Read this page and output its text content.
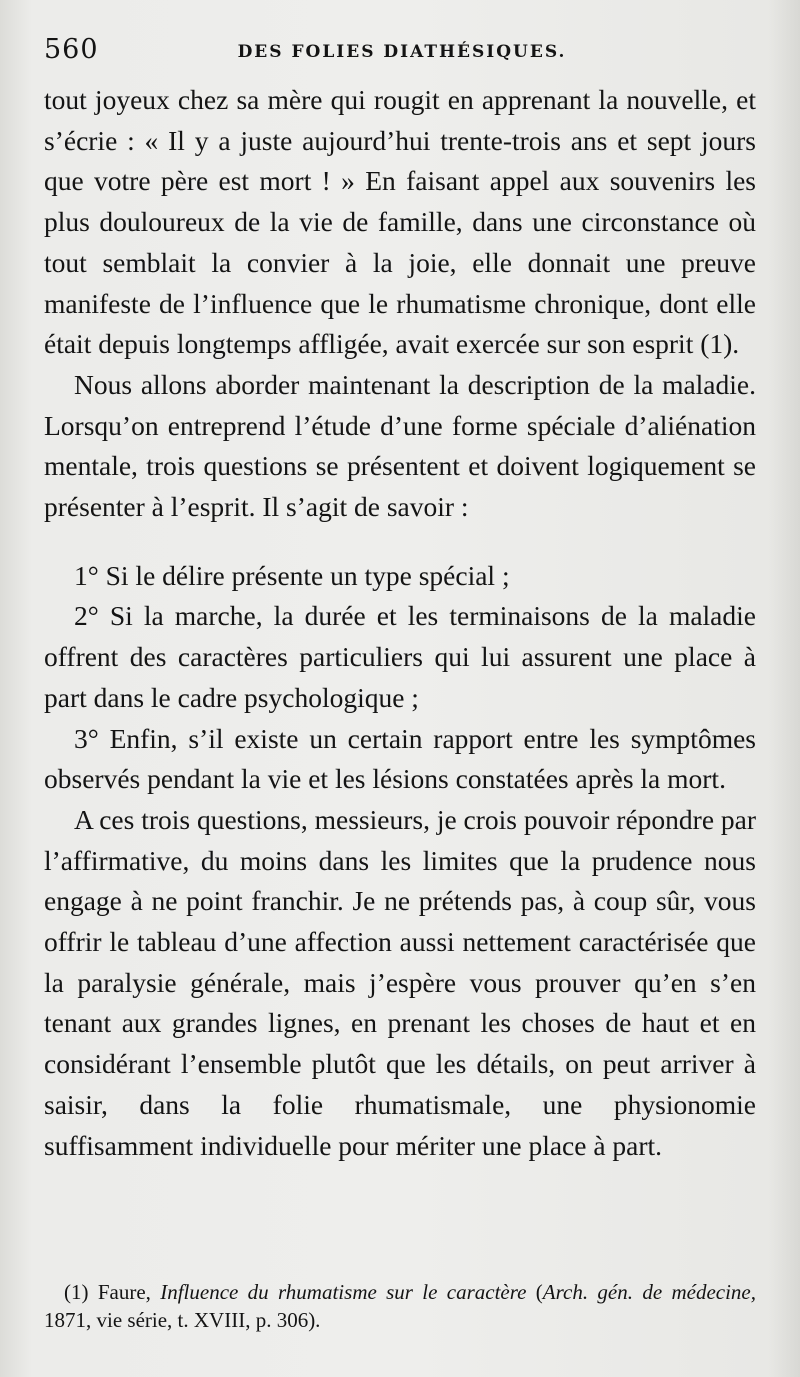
560	DES FOLIES DIATHÉSIQUES.

tout joyeux chez sa mère qui rougit en apprenant la nouvelle, et s’écrie : « Il y a juste aujourd’hui trente-trois ans et sept jours que votre père est mort ! » En faisant appel aux souvenirs les plus douloureux de la vie de famille, dans une circonstance où tout semblait la convier à la joie, elle donnait une preuve manifeste de l’influence que le rhumatisme chronique, dont elle était depuis longtemps affligée, avait exercée sur son esprit (1).

Nous allons aborder maintenant la description de la maladie. Lorsqu’on entreprend l’étude d’une forme spéciale d’aliénation mentale, trois questions se présentent et doivent logiquement se présenter à l’esprit. Il s’agit de savoir :

1° Si le délire présente un type spécial ;

2° Si la marche, la durée et les terminaisons de la maladie offrent des caractères particuliers qui lui assurent une place à part dans le cadre psychologique ;

3° Enfin, s’il existe un certain rapport entre les symptômes observés pendant la vie et les lésions constatées après la mort.

A ces trois questions, messieurs, je crois pouvoir répondre par l’affirmative, du moins dans les limites que la prudence nous engage à ne point franchir. Je ne prétends pas, à coup sûr, vous offrir le tableau d’une affection aussi nettement caractérisée que la paralysie générale, mais j’espère vous prouver qu’en s’en tenant aux grandes lignes, en prenant les choses de haut et en considérant l’ensemble plutôt que les détails, on peut arriver à saisir, dans la folie rhumatismale, une physionomie suffisamment individuelle pour mériter une place à part.

(1) Faure, Influence du rhumatisme sur le caractère (Arch. gén. de médecine, 1871, vie série, t. XVIII, p. 306).
